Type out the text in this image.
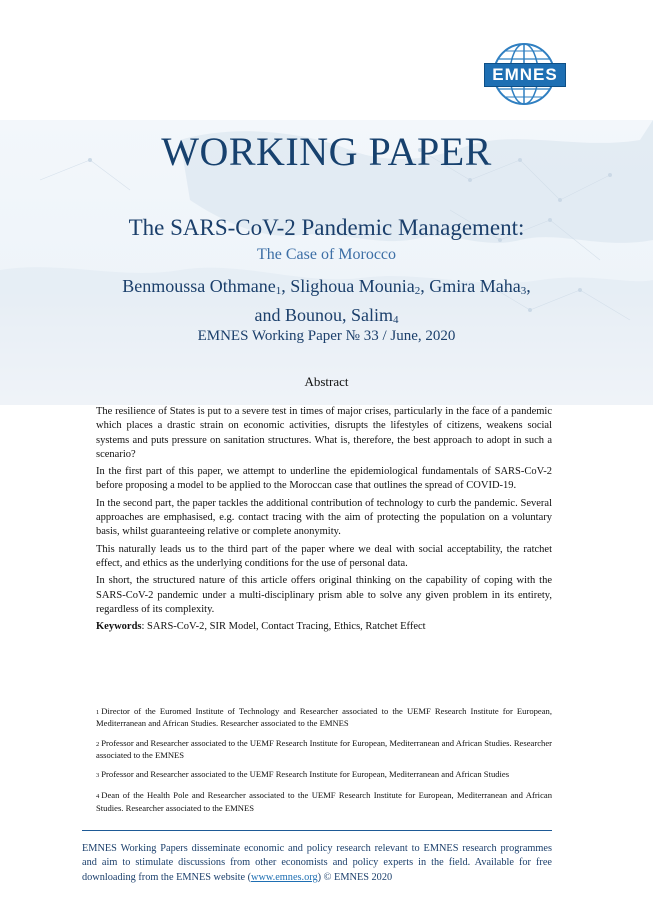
EMNES
WORKING PAPER
The SARS-CoV-2 Pandemic Management:
The Case of Morocco
Benmoussa Othmane$_1$, Slighoua Mounia$_2$, Gmira Maha$_3$,
and Bounou, Salim$_4$
EMNES Working Paper № 33 / June, 2020
Abstract

The resilience of States is put to a severe test in times of major crises, particularly in the face of a pandemic which places a drastic strain on economic activities, disrupts the lifestyles of citizens, weakens social systems and puts pressure on sanitation structures. What is, therefore, the best approach to adopt in such a scenario?

In the first part of this paper, we attempt to underline the epidemiological fundamentals of SARS-CoV-2 before proposing a model to be applied to the Moroccan case that outlines the spread of COVID-19.

In the second part, the paper tackles the additional contribution of technology to curb the pandemic. Several approaches are emphasised, e.g. contact tracing with the aim of protecting the population on a voluntary basis, whilst guaranteeing relative or complete anonymity.

This naturally leads us to the third part of the paper where we deal with social acceptability, the ratchet effect, and ethics as the underlying conditions for the use of personal data.

In short, the structured nature of this article offers original thinking on the capability of coping with the SARS-CoV-2 pandemic under a multi-disciplinary prism able to solve any given problem in its entirety, regardless of its complexity.

Keywords: SARS-CoV-2, SIR Model, Contact Tracing, Ethics, Ratchet Effect

1 Director of the Euromed Institute of Technology and Researcher associated to the UEMF Research Institute for European, Mediterranean and African Studies. Researcher associated to the EMNES

2 Professor and Researcher associated to the UEMF Research Institute for European, Mediterranean and African Studies. Researcher associated to the EMNES

3 Professor and Researcher associated to the UEMF Research Institute for European, Mediterranean and African Studies

4 Dean of the Health Pole and Researcher associated to the UEMF Research Institute for European, Mediterranean and African Studies. Researcher associated to the EMNES

EMNES Working Papers disseminate economic and policy research relevant to EMNES research programmes and aim to stimulate discussions from other economists and policy experts in the field. Available for free downloading from the EMNES website (www.emnes.org) © EMNES 2020
